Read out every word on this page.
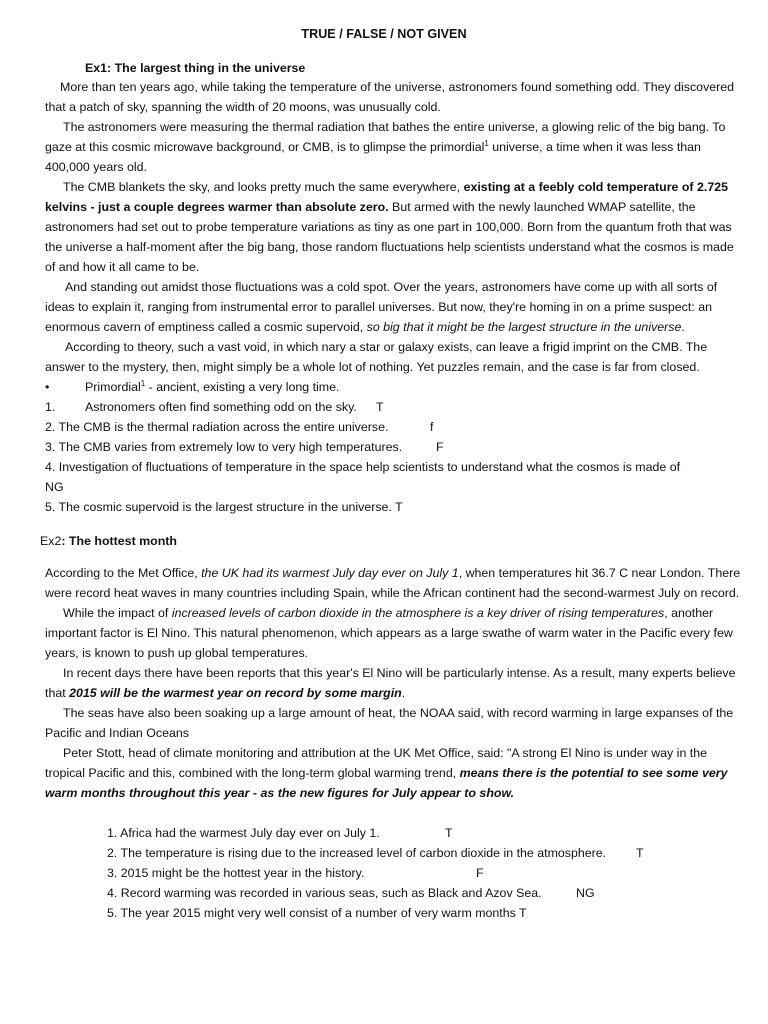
TRUE / FALSE / NOT GIVEN
Ex1: The largest thing in the universe

More than ten years ago, while taking the temperature of the universe, astronomers found something odd. They discovered that a patch of sky, spanning the width of 20 moons, was unusually cold.

The astronomers were measuring the thermal radiation that bathes the entire universe, a glowing relic of the big bang. To gaze at this cosmic microwave background, or CMB, is to glimpse the primordial$^1$ universe, a time when it was less than 400,000 years old.

The CMB blankets the sky, and looks pretty much the same everywhere, existing at a feebly cold temperature of 2.725 kelvins - just a couple degrees warmer than absolute zero. But armed with the newly launched WMAP satellite, the astronomers had set out to probe temperature variations as tiny as one part in 100,000. Born from the quantum froth that was the universe a half-moment after the big bang, those random fluctuations help scientists understand what the cosmos is made of and how it all came to be.

And standing out amidst those fluctuations was a cold spot. Over the years, astronomers have come up with all sorts of ideas to explain it, ranging from instrumental error to parallel universes. But now, they're homing in on a prime suspect: an enormous cavern of emptiness called a cosmic supervoid, so big that it might be the largest structure in the universe.

According to theory, such a vast void, in which nary a star or galaxy exists, can leave a frigid imprint on the CMB. The answer to the mystery, then, might simply be a whole lot of nothing. Yet puzzles remain, and the case is far from closed.

•	Primordial$^1$ - ancient, existing a very long time.
1. Astronomers often find something odd on the sky. T
2. The CMB is the thermal radiation across the entire universe.	f
3. The CMB varies from extremely low to very high temperatures.	F
4. Investigation of fluctuations of temperature in the space help scientists to understand what the cosmos is made of
NG
5. The cosmic supervoid is the largest structure in the universe. T
Ex2: The hottest month

According to the Met Office, the UK had its warmest July day ever on July 1, when temperatures hit 36.7 C near London. There were record heat waves in many countries including Spain, while the African continent had the second-warmest July on record.

While the impact of increased levels of carbon dioxide in the atmosphere is a key driver of rising temperatures, another important factor is El Nino. This natural phenomenon, which appears as a large swathe of warm water in the Pacific every few years, is known to push up global temperatures.

In recent days there have been reports that this year's El Nino will be particularly intense. As a result, many experts believe that 2015 will be the warmest year on record by some margin.

The seas have also been soaking up a large amount of heat, the NOAA said, with record warming in large expanses of the Pacific and Indian Oceans

Peter Stott, head of climate monitoring and attribution at the UK Met Office, said: "A strong El Nino is under way in the tropical Pacific and this, combined with the long-term global warming trend, means there is the potential to see some very warm months throughout this year - as the new figures for July appear to show.

1. Africa had the warmest July day ever on July 1.	T
2. The temperature is rising due to the increased level of carbon dioxide in the atmosphere. T
3. 2015 might be the hottest year in the history.	F
4. Record warming was recorded in various seas, such as Black and Azov Sea.	NG
5. The year 2015 might very well consist of a number of very warm months T
